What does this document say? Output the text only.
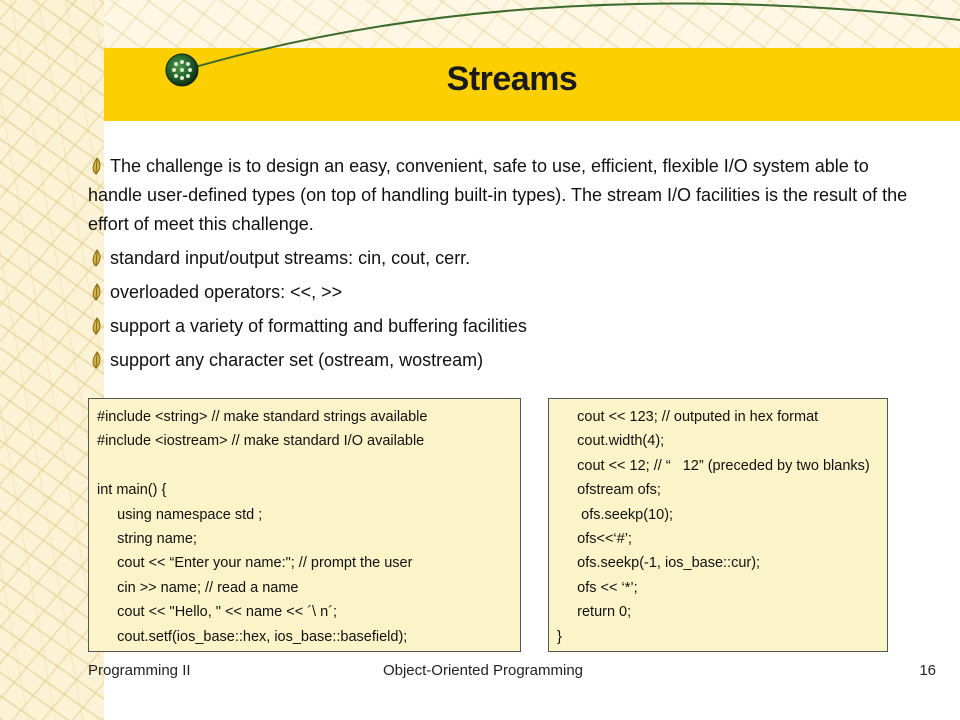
Streams
The challenge is to design an easy, convenient, safe to use, efficient, flexible I/O system able to handle user-defined types (on top of handling built-in types). The stream I/O facilities is the result of the effort of meet this challenge.
standard input/output streams: cin, cout, cerr.
overloaded operators: <<, >>
support a variety of formatting and buffering facilities
support any character set (ostream, wostream)
#include <string> // make standard strings available
#include <iostream> // make standard I/O available
int main() {
using namespace std ;
string name;
cout << “Enter your name:"; // prompt the user
cin >> name; // read a name
cout << "Hello, " << name << ´\ n´;
cout.setf(ios_base::hex, ios_base::basefield);
cout << 123; // outputed in hex format
cout.width(4);
cout << 12; // “   12” (preceded by two blanks)
ofstream ofs;
ofs.seekp(10);
ofs<<‘#’;
ofs.seekp(-1, ios_base::cur);
ofs << ‘*’;
return 0;
}
Programming II	Object-Oriented Programming	16
